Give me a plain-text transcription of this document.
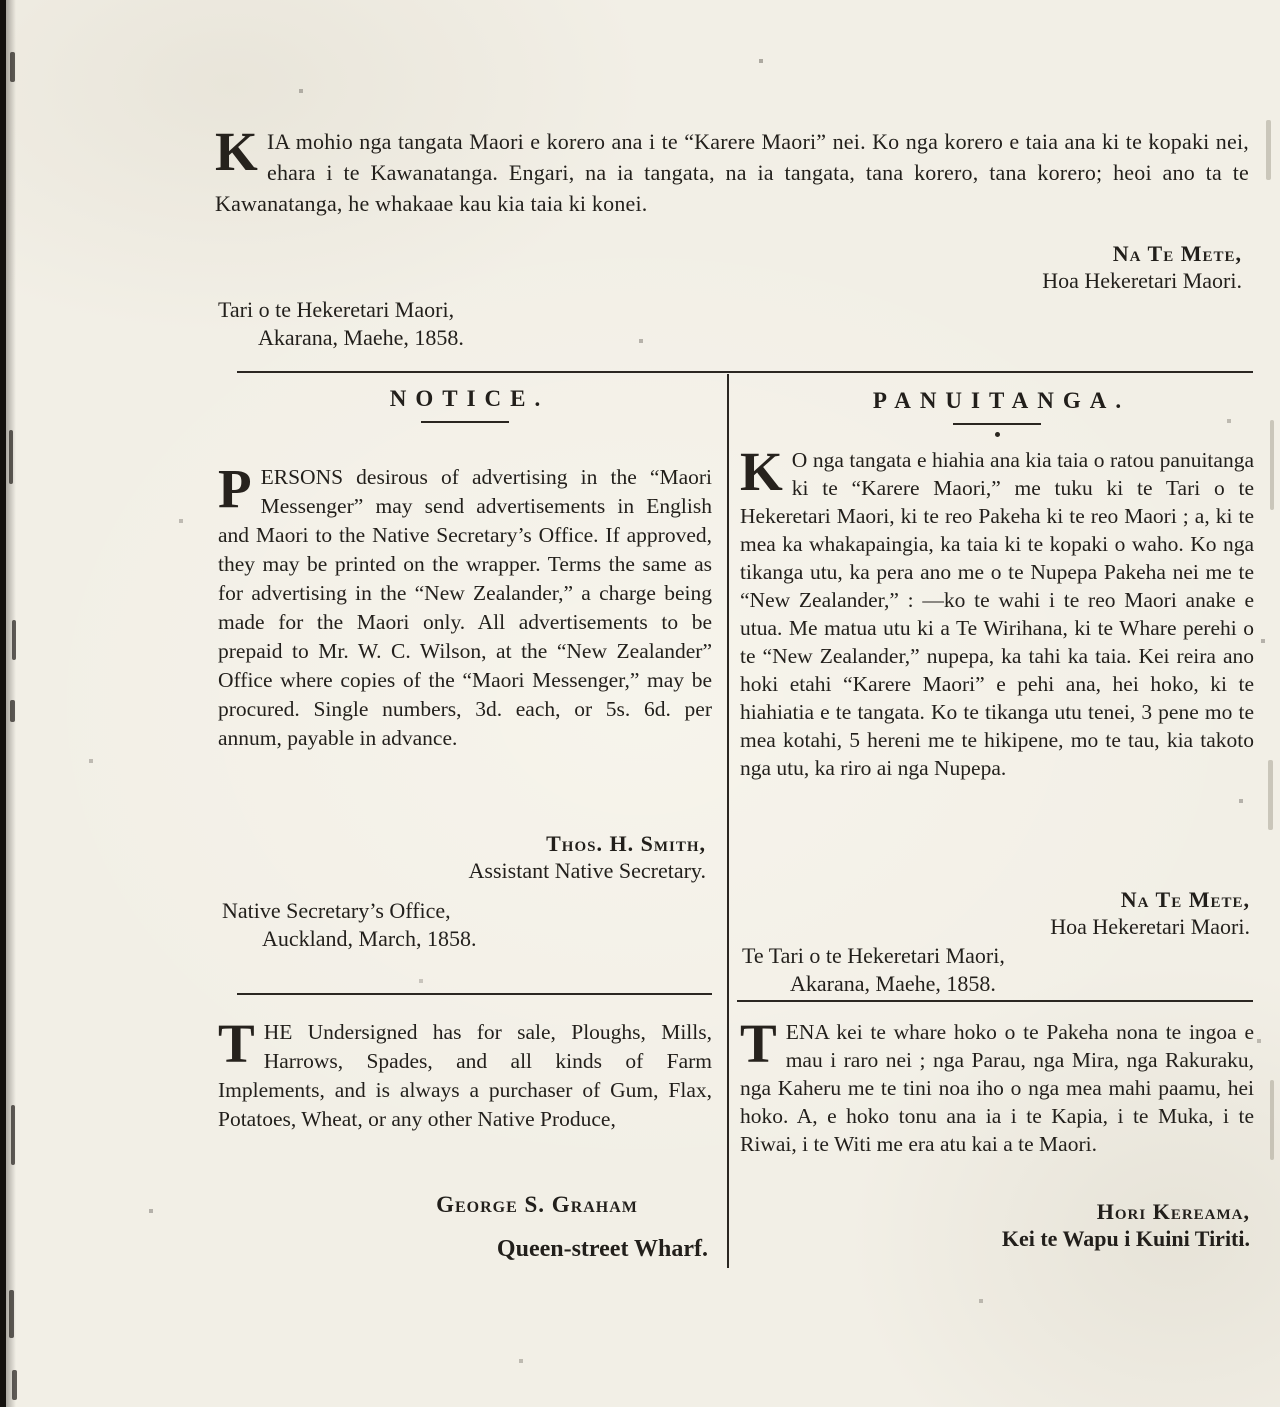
K IA mohio nga tangata Maori e korero ana i te “Karere Maori” nei. Ko nga korero e taia ana ki te kopaki nei, ehara i te Kawanatanga. Engari, na ia tangata, na ia tangata, tana korero, tana korero; heoi ano ta te Kawanatanga, he whakaae kau kia taia ki konei.

Na Te Mete,
Hoa Hekeretari Maori.
Tari o te Hekeretari Maori,
Akarana, Maehe, 1858.
NOTICE.

P ERSONS desirous of advertising in the “Maori Messenger” may send advertisements in English and Maori to the Native Secretary’s Office. If approved, they may be printed on the wrapper. Terms the same as for advertising in the “New Zealander,” a charge being made for the Maori only. All advertisements to be prepaid to Mr. W. C. Wilson, at the “New Zealander” Office where copies of the “Maori Messenger,” may be procured. Single numbers, 3d. each, or 5s. 6d. per annum, payable in advance.

Thos. H. Smith,
Assistant Native Secretary.
Native Secretary’s Office,
Auckland, March, 1858.

T HE Undersigned has for sale, Ploughs, Mills, Harrows, Spades, and all kinds of Farm Implements, and is always a purchaser of Gum, Flax, Potatoes, Wheat, or any other Native Produce,

George S. Graham
Queen-street Wharf.
PANUITANGA.

K O nga tangata e hiahia ana kia taia o ratou panuitanga ki te “Karere Maori,” me tuku ki te Tari o te Hekeretari Maori, ki te reo Pakeha ki te reo Maori ; a, ki te mea ka whakapaingia, ka taia ki te kopaki o waho. Ko nga tikanga utu, ka pera ano me o te Nupepa Pakeha nei me te “New Zealander,” : —ko te wahi i te reo Maori anake e utua. Me matua utu ki a Te Wirihana, ki te Whare perehi o te “New Zealander,” nupepa, ka tahi ka taia. Kei reira ano hoki etahi “Karere Maori” e pehi ana, hei hoko, ki te hiahiatia e te tangata. Ko te tikanga utu tenei, 3 pene mo te mea kotahi, 5 hereni me te hikipene, mo te tau, kia takoto nga utu, ka riro ai nga Nupepa.

Na Te Mete,
Hoa Hekeretari Maori.
Te Tari o te Hekeretari Maori,
Akarana, Maehe, 1858.

T ENA kei te whare hoko o te Pakeha nona te ingoa e mau i raro nei ; nga Parau, nga Mira, nga Rakuraku, nga Kaheru me te tini noa iho o nga mea mahi paamu, hei hoko. A, e hoko tonu ana ia i te Kapia, i te Muka, i te Riwai, i te Witi me era atu kai a te Maori.

Hori Kereama,
Kei te Wapu i Kuini Tiriti.
